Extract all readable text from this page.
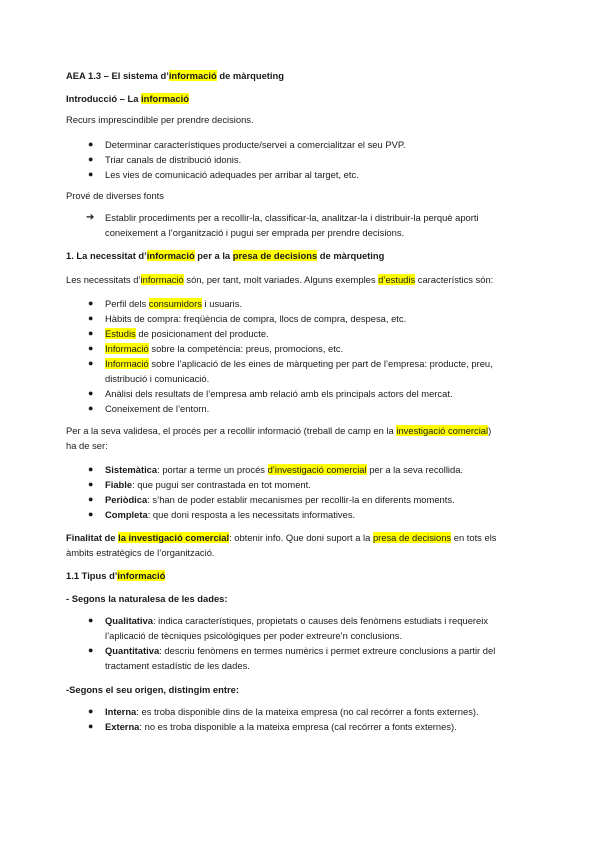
AEA 1.3 – El sistema d’informació de màrqueting
Introducció – La informació
Recurs imprescindible per prendre decisions.
● Determinar característiques producte/servei a comercialitzar el seu PVP.
● Triar canals de distribució idonis.
● Les vies de comunicació adequades per arribar al target, etc.
Prové de diverses fonts
➔ Establir procediments per a recollir-la, classificar-la, analitzar-la i distribuir-la perquè aporti
coneixement a l’organització i pugui ser emprada per prendre decisions.
1. La necessitat d’informació per a la presa de decisions de màrqueting
Les necessitats d’informació són, per tant, molt variades. Alguns exemples d’estudis característics són:
● Perfil dels consumidors i usuaris.
● Hàbits de compra: freqüència de compra, llocs de compra, despesa, etc.
● Estudis de posicionament del producte.
● Informació sobre la competència: preus, promocions, etc.
● Informació sobre l’aplicació de les eines de màrqueting per part de l’empresa: producte, preu,
distribució i comunicació.
● Anàlisi dels resultats de l’empresa amb relació amb els principals actors del mercat.
● Coneixement de l’entorn.
Per a la seva validesa, el procés per a recollir informació (treball de camp en la investigació comercial)
ha de ser:
● Sistemàtica: portar a terme un procés d’investigació comercial per a la seva recollida.
● Fiable: que pugui ser contrastada en tot moment.
● Periòdica: s’han de poder establir mecanismes per recollir-la en diferents moments.
● Completa: que doni resposta a les necessitats informatives.
Finalitat de la investigació comercial: obtenir info. Que doni suport a la presa de decisions en tots els
àmbits estratègics de l’organització.
1.1 Tipus d’informació
- Segons la naturalesa de les dades:
● Qualitativa: indica característiques, propietats o causes dels fenòmens estudiats i requereix
l’aplicació de tècniques psicològiques per poder extreure’n conclusions.
● Quantitativa: descriu fenòmens en termes numèrics i permet extreure conclusions a partir del
tractament estadístic de les dades.
-Segons el seu origen, distingim entre:
● Interna: es troba disponible dins de la mateixa empresa (no cal recórrer a fonts externes).
● Externa: no es troba disponible a la mateixa empresa (cal recórrer a fonts externes).
